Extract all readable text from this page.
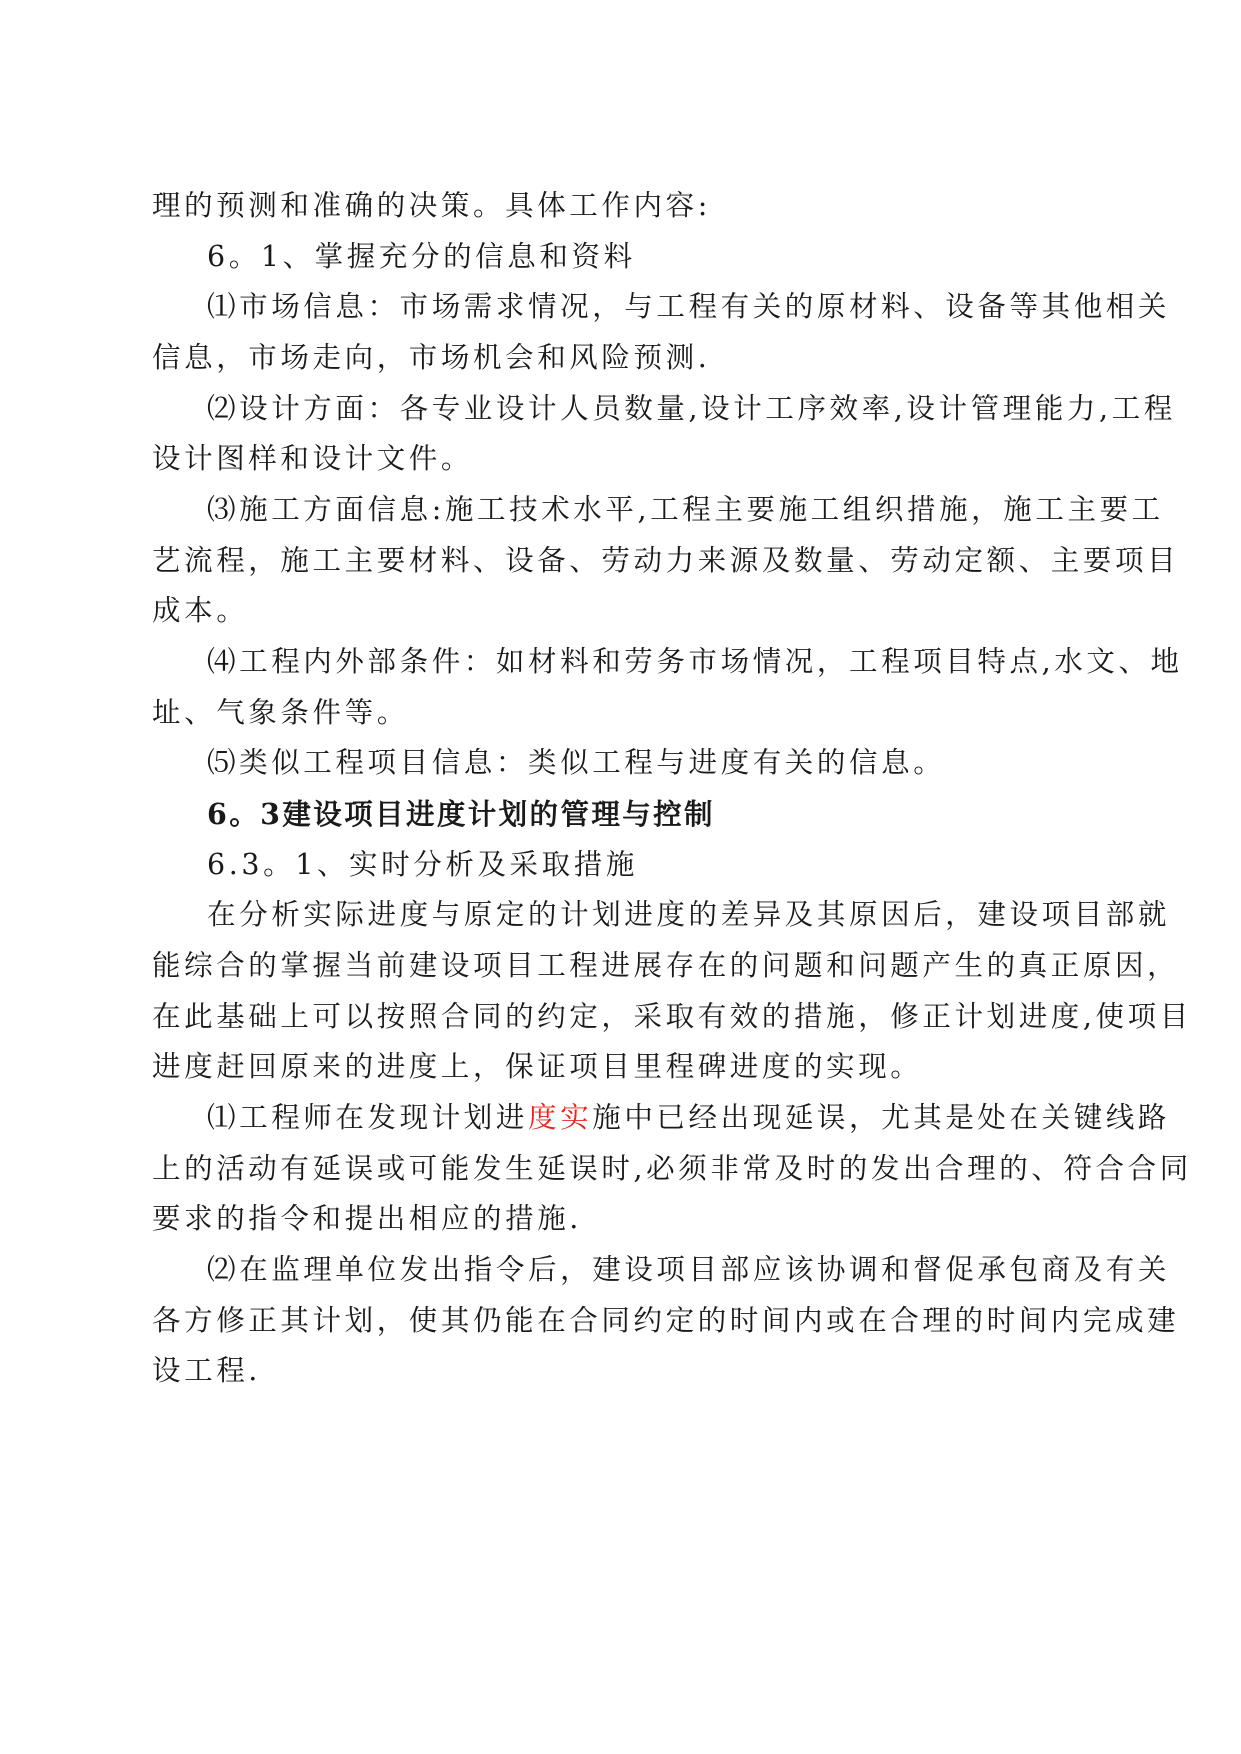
理的预测和准确的决策。具体工作内容:
6。1、掌握充分的信息和资料
⑴市场信息：市场需求情况，与工程有关的原材料、设备等其他相关
信息，市场走向，市场机会和风险预测.
⑵设计方面：各专业设计人员数量,设计工序效率,设计管理能力,工程
设计图样和设计文件。
⑶施工方面信息:施工技术水平,工程主要施工组织措施，施工主要工
艺流程，施工主要材料、设备、劳动力来源及数量、劳动定额、主要项目
成本。
⑷工程内外部条件：如材料和劳务市场情况，工程项目特点,水文、地
址、气象条件等。
⑸类似工程项目信息：类似工程与进度有关的信息。
6。3建设项目进度计划的管理与控制
6.3。1、实时分析及采取措施
在分析实际进度与原定的计划进度的差异及其原因后，建设项目部就
能综合的掌握当前建设项目工程进展存在的问题和问题产生的真正原因，
在此基础上可以按照合同的约定，采取有效的措施，修正计划进度,使项目
进度赶回原来的进度上，保证项目里程碑进度的实现。
⑴工程师在发现计划进度实施中已经出现延误，尤其是处在关键线路
上的活动有延误或可能发生延误时,必须非常及时的发出合理的、符合合同
要求的指令和提出相应的措施.
⑵在监理单位发出指令后，建设项目部应该协调和督促承包商及有关
各方修正其计划，使其仍能在合同约定的时间内或在合理的时间内完成建
设工程.
